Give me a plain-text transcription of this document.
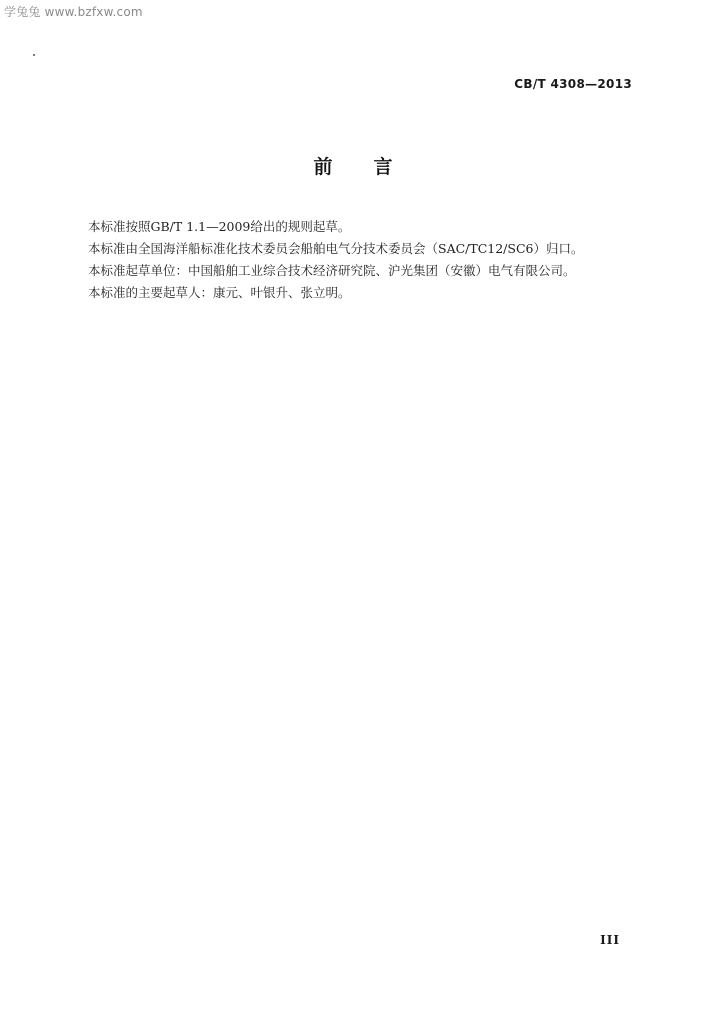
学兔兔 www.bzfxw.com
CB/T 4308—2013
前　　言

本标准按照GB/T 1.1—2009给出的规则起草。

本标准由全国海洋船标准化技术委员会船舶电气分技术委员会（SAC/TC12/SC6）归口。

本标准起草单位：中国船舶工业综合技术经济研究院、沪光集团（安徽）电气有限公司。

本标准的主要起草人：康元、叶银升、张立明。

III
